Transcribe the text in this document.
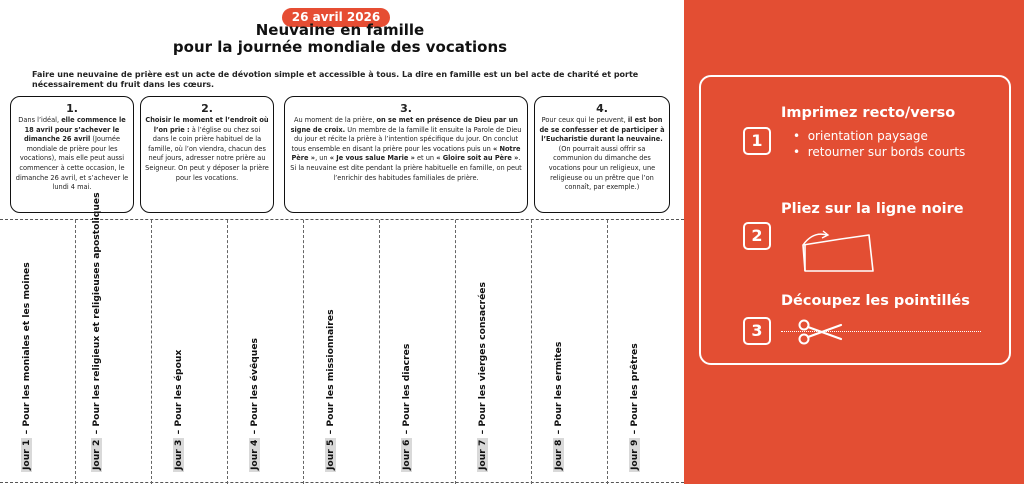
26 avril 2026
Neuvaine en famille
pour la journée mondiale des vocations
Faire une neuvaine de prière est un acte de dévotion simple et accessible à tous. La dire en famille est un bel acte de charité et porte nécessairement du fruit dans les cœurs.
1.
Dans l’idéal, elle commence le 18 avril pour s’achever le dimanche 26 avril (Journée mondiale de prière pour les vocations), mais elle peut aussi commencer à cette occasion, le dimanche 26 avril, et s’achever le lundi 4 mai.
2.
Choisir le moment et l’endroit où l’on prie : à l’église ou chez soi dans le coin prière habituel de la famille, où l’on viendra, chacun des neuf jours, adresser notre prière au Seigneur. On peut y déposer la prière pour les vocations.
3.
Au moment de la prière, on se met en présence de Dieu par un signe de croix. Un membre de la famille lit ensuite la Parole de Dieu du jour et récite la prière à l’intention spécifique du jour. On conclut tous ensemble en disant la prière pour les vocations puis un « Notre Père », un « Je vous salue Marie » et un « Gloire soit au Père ».
Si la neuvaine est dite pendant la prière habituelle en famille, on peut l’enrichir des habitudes familiales de prière.
4.
Pour ceux qui le peuvent, il est bon de se confesser et de participer à l’Eucharistie durant la neuvaine. (On pourrait aussi offrir sa communion du dimanche des vocations pour un religieux, une religieuse ou un prêtre que l’on connaît, par exemple.)
Jour 1 – Pour les moniales et les moines
Jour 2 – Pour les religieux et religieuses apostoliques
Jour 3 – Pour les époux
Jour 4 – Pour les évêques
Jour 5 – Pour les missionnaires
Jour 6 – Pour les diacres
Jour 7 – Pour les vierges consacrées
Jour 8 – Pour les ermites
Jour 9 – Pour les prêtres
1
Imprimez recto/verso
•  orientation paysage
•  retourner sur bords courts
2
Pliez sur la ligne noire
3
Découpez les pointillés
